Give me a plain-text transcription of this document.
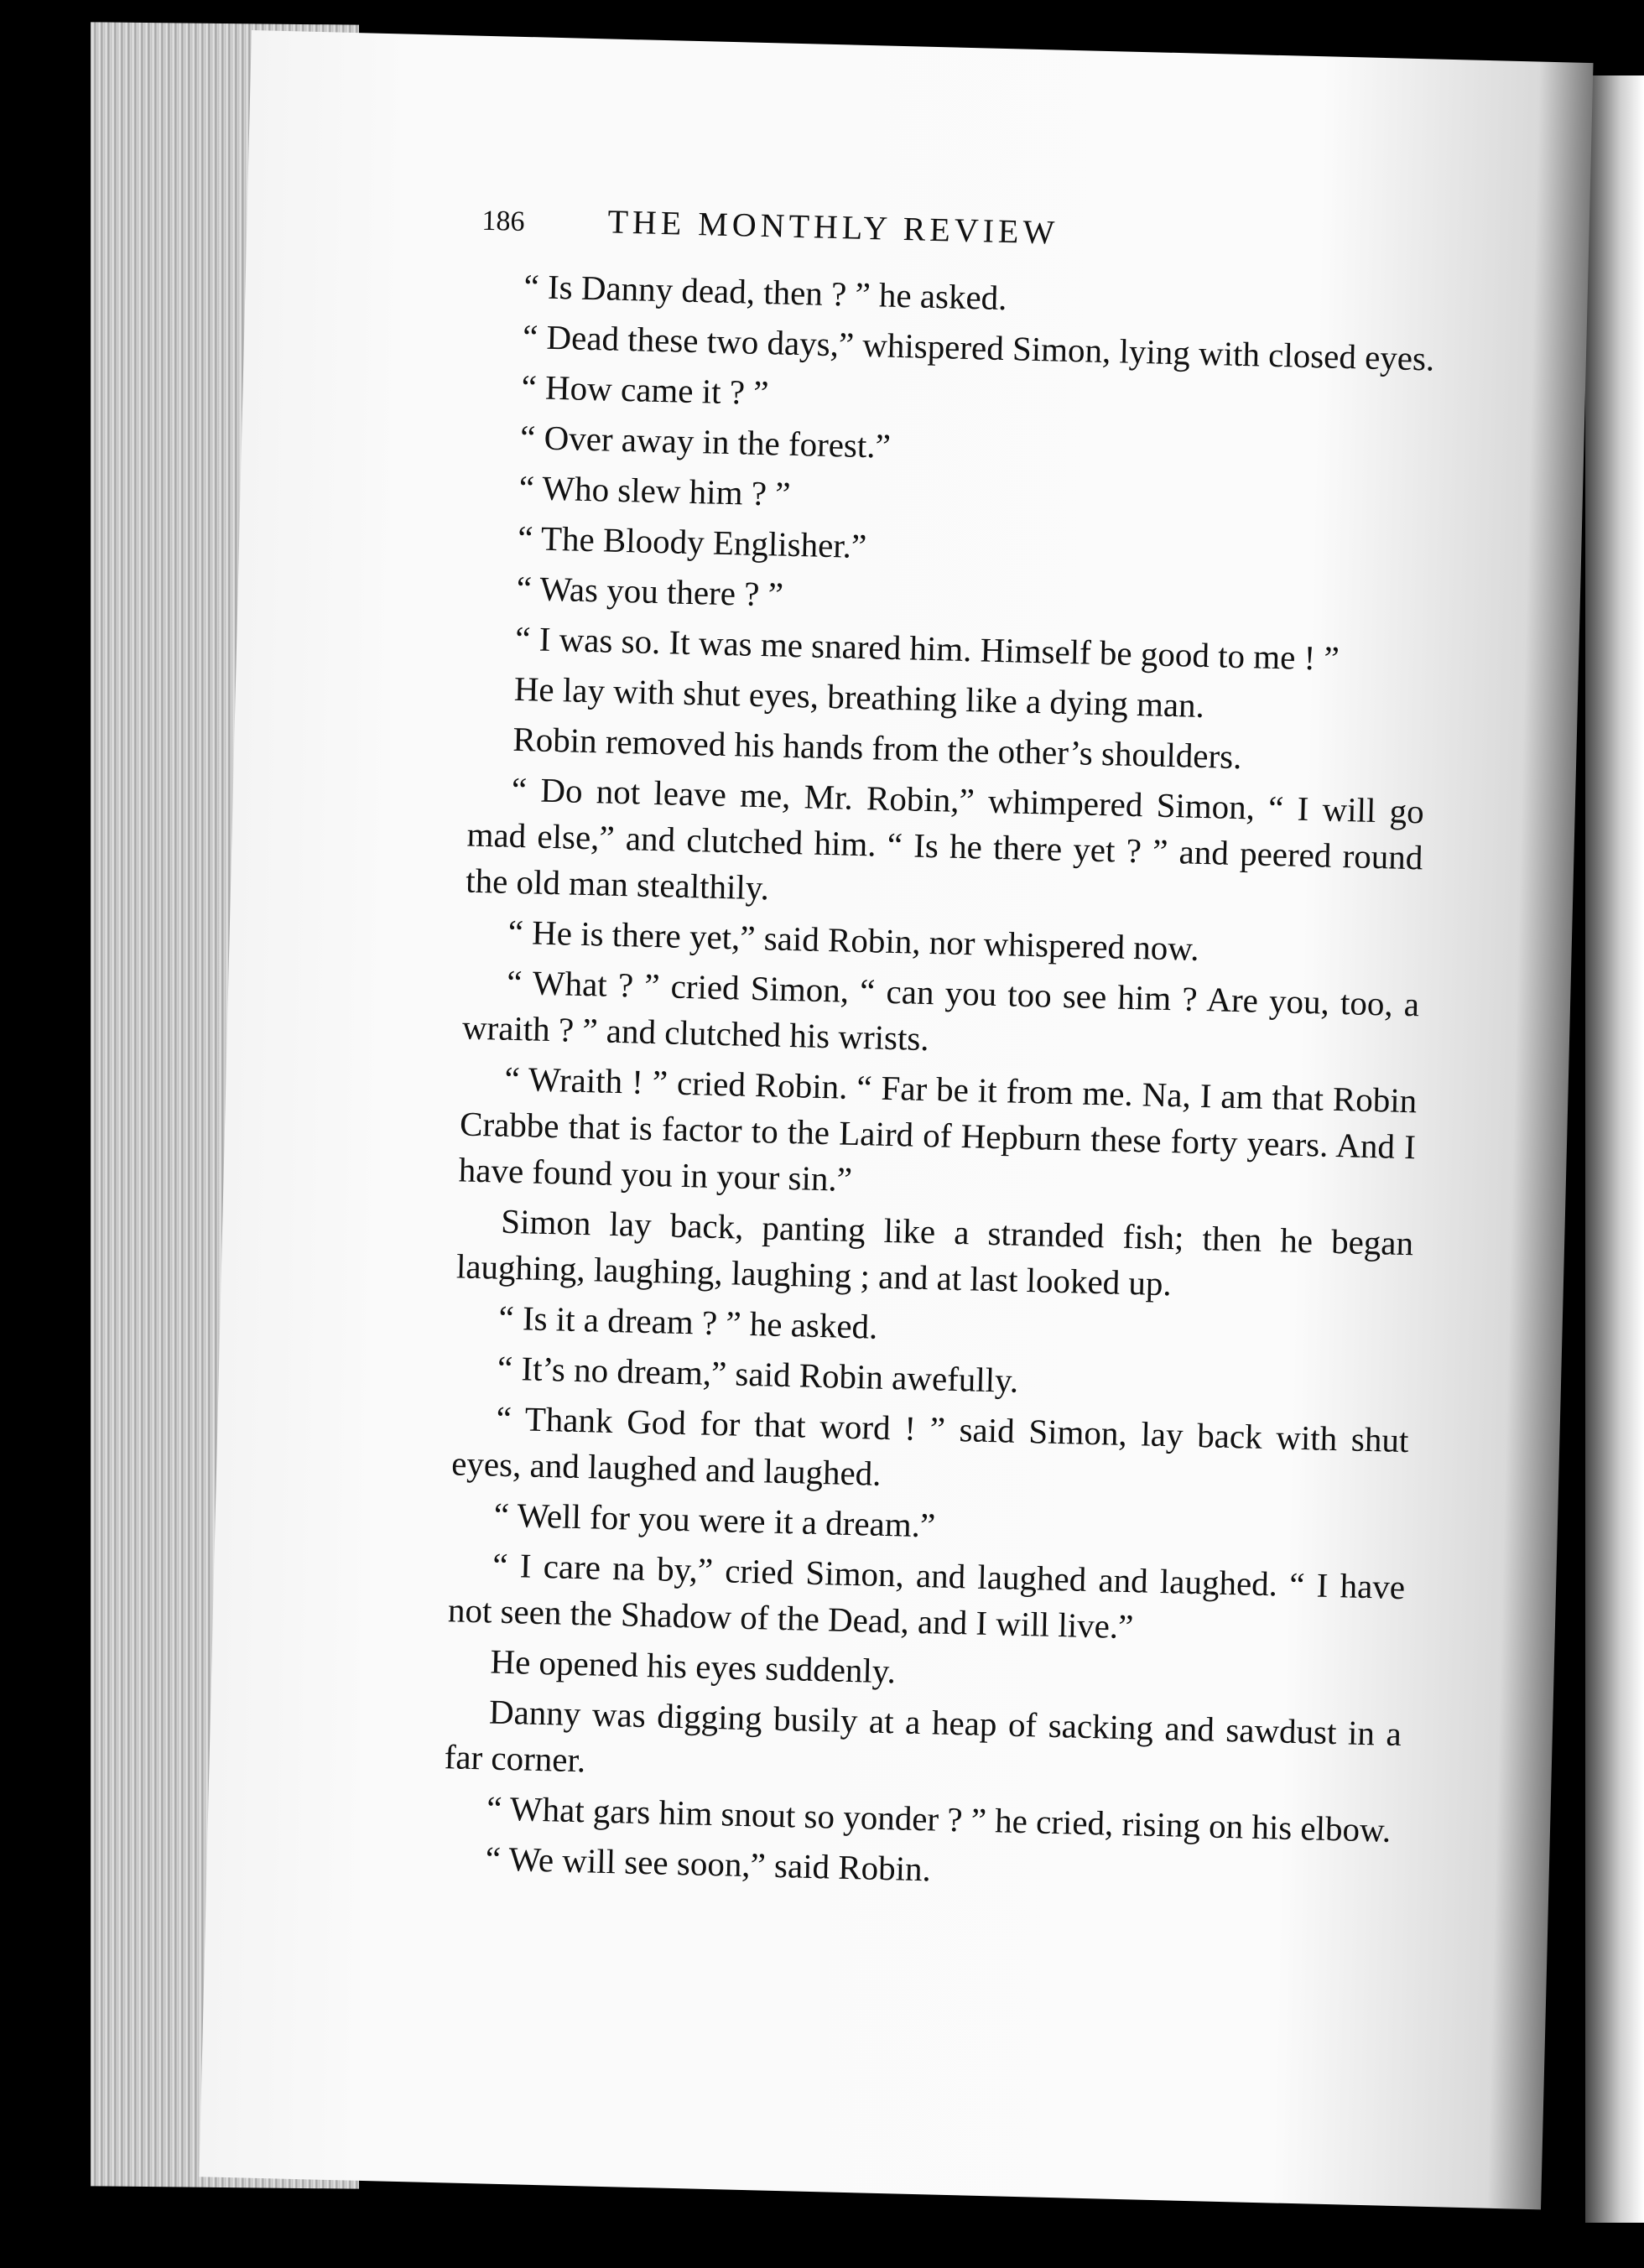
186	THE MONTHLY REVIEW

“ Is Danny dead, then ? ” he asked.

“ Dead these two days,” whispered Simon, lying with closed eyes.

“ How came it ? ”

“ Over away in the forest.”

“ Who slew him ? ”

“ The Bloody Englisher.”

“ Was you there ? ”

“ I was so. It was me snared him. Himself be good to me ! ”

He lay with shut eyes, breathing like a dying man.

Robin removed his hands from the other’s shoulders.

“ Do not leave me, Mr. Robin,” whimpered Simon, “ I will go mad else,” and clutched him. “ Is he there yet ? ” and peered round the old man stealthily.

“ He is there yet,” said Robin, nor whispered now.

“ What ? ” cried Simon, “ can you too see him ? Are you, too, a wraith ? ” and clutched his wrists.

“ Wraith ! ” cried Robin. “ Far be it from me. Na, I am that Robin Crabbe that is factor to the Laird of Hepburn these forty years. And I have found you in your sin.”

Simon lay back, panting like a stranded fish; then he began laughing, laughing, laughing ; and at last looked up.

“ Is it a dream ? ” he asked.

“ It’s no dream,” said Robin awefully.

“ Thank God for that word ! ” said Simon, lay back with shut eyes, and laughed and laughed.

“ Well for you were it a dream.”

“ I care na by,” cried Simon, and laughed and laughed. “ I have not seen the Shadow of the Dead, and I will live.”

He opened his eyes suddenly.

Danny was digging busily at a heap of sacking and sawdust in a far corner.

“ What gars him snout so yonder ? ” he cried, rising on his elbow.

“ We will see soon,” said Robin.
